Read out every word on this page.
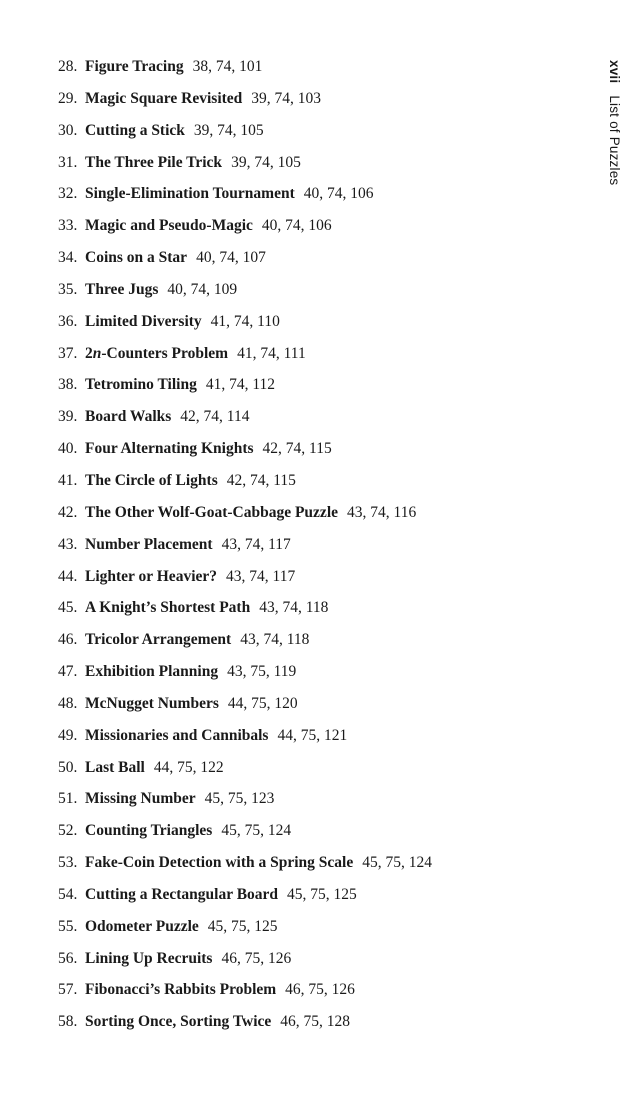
xviiList of Puzzles
28. Figure Tracing 38, 74, 101
29. Magic Square Revisited 39, 74, 103
30. Cutting a Stick 39, 74, 105
31. The Three Pile Trick 39, 74, 105
32. Single-Elimination Tournament 40, 74, 106
33. Magic and Pseudo-Magic 40, 74, 106
34. Coins on a Star 40, 74, 107
35. Three Jugs 40, 74, 109
36. Limited Diversity 41, 74, 110
37. 2n-Counters Problem 41, 74, 111
38. Tetromino Tiling 41, 74, 112
39. Board Walks 42, 74, 114
40. Four Alternating Knights 42, 74, 115
41. The Circle of Lights 42, 74, 115
42. The Other Wolf-Goat-Cabbage Puzzle 43, 74, 116
43. Number Placement 43, 74, 117
44. Lighter or Heavier? 43, 74, 117
45. A Knight’s Shortest Path 43, 74, 118
46. Tricolor Arrangement 43, 74, 118
47. Exhibition Planning 43, 75, 119
48. McNugget Numbers 44, 75, 120
49. Missionaries and Cannibals 44, 75, 121
50. Last Ball 44, 75, 122
51. Missing Number 45, 75, 123
52. Counting Triangles 45, 75, 124
53. Fake-Coin Detection with a Spring Scale 45, 75, 124
54. Cutting a Rectangular Board 45, 75, 125
55. Odometer Puzzle 45, 75, 125
56. Lining Up Recruits 46, 75, 126
57. Fibonacci’s Rabbits Problem 46, 75, 126
58. Sorting Once, Sorting Twice 46, 75, 128
